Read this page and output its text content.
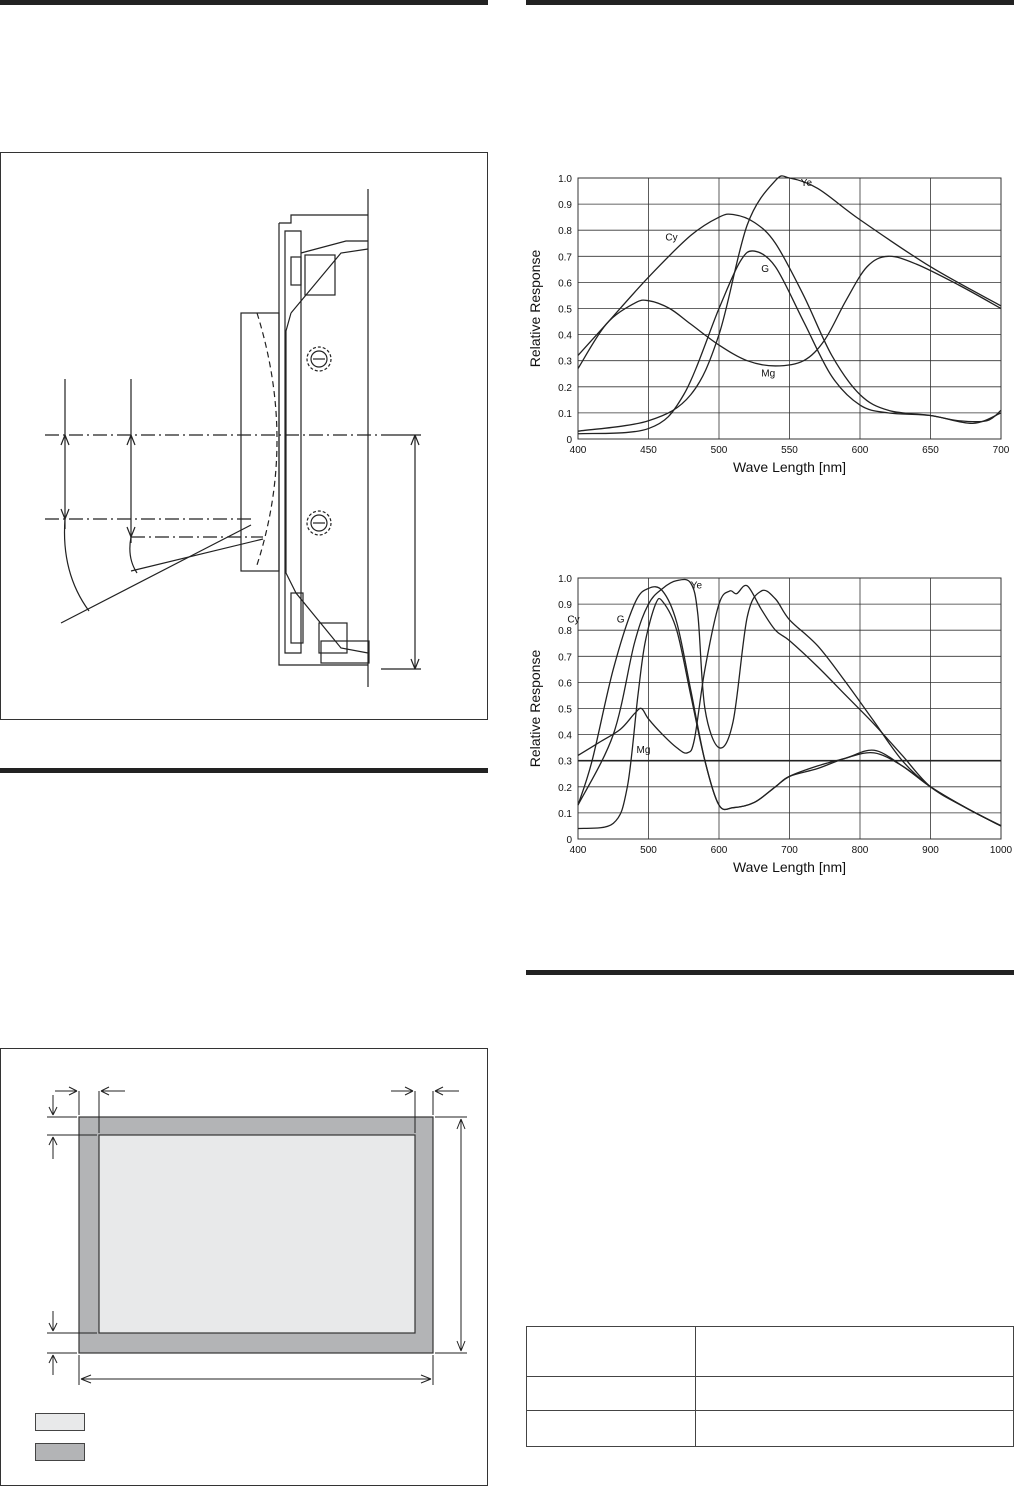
0
0.1
0.2
0.3
0.4
0.5
0.6
0.7
0.8
0.9
1.0
400	450	500	550	600	650	700
Ye
Cy
G
Mg
Wave Length [nm]
Relative Response
0
0.1
0.2
0.3
0.4
0.5
0.6
0.7
0.8
0.9
1.0
400	500	600	700	800	900	1000
Ye
Cy	G
Mg
Wave Length [nm]
Relative Response
